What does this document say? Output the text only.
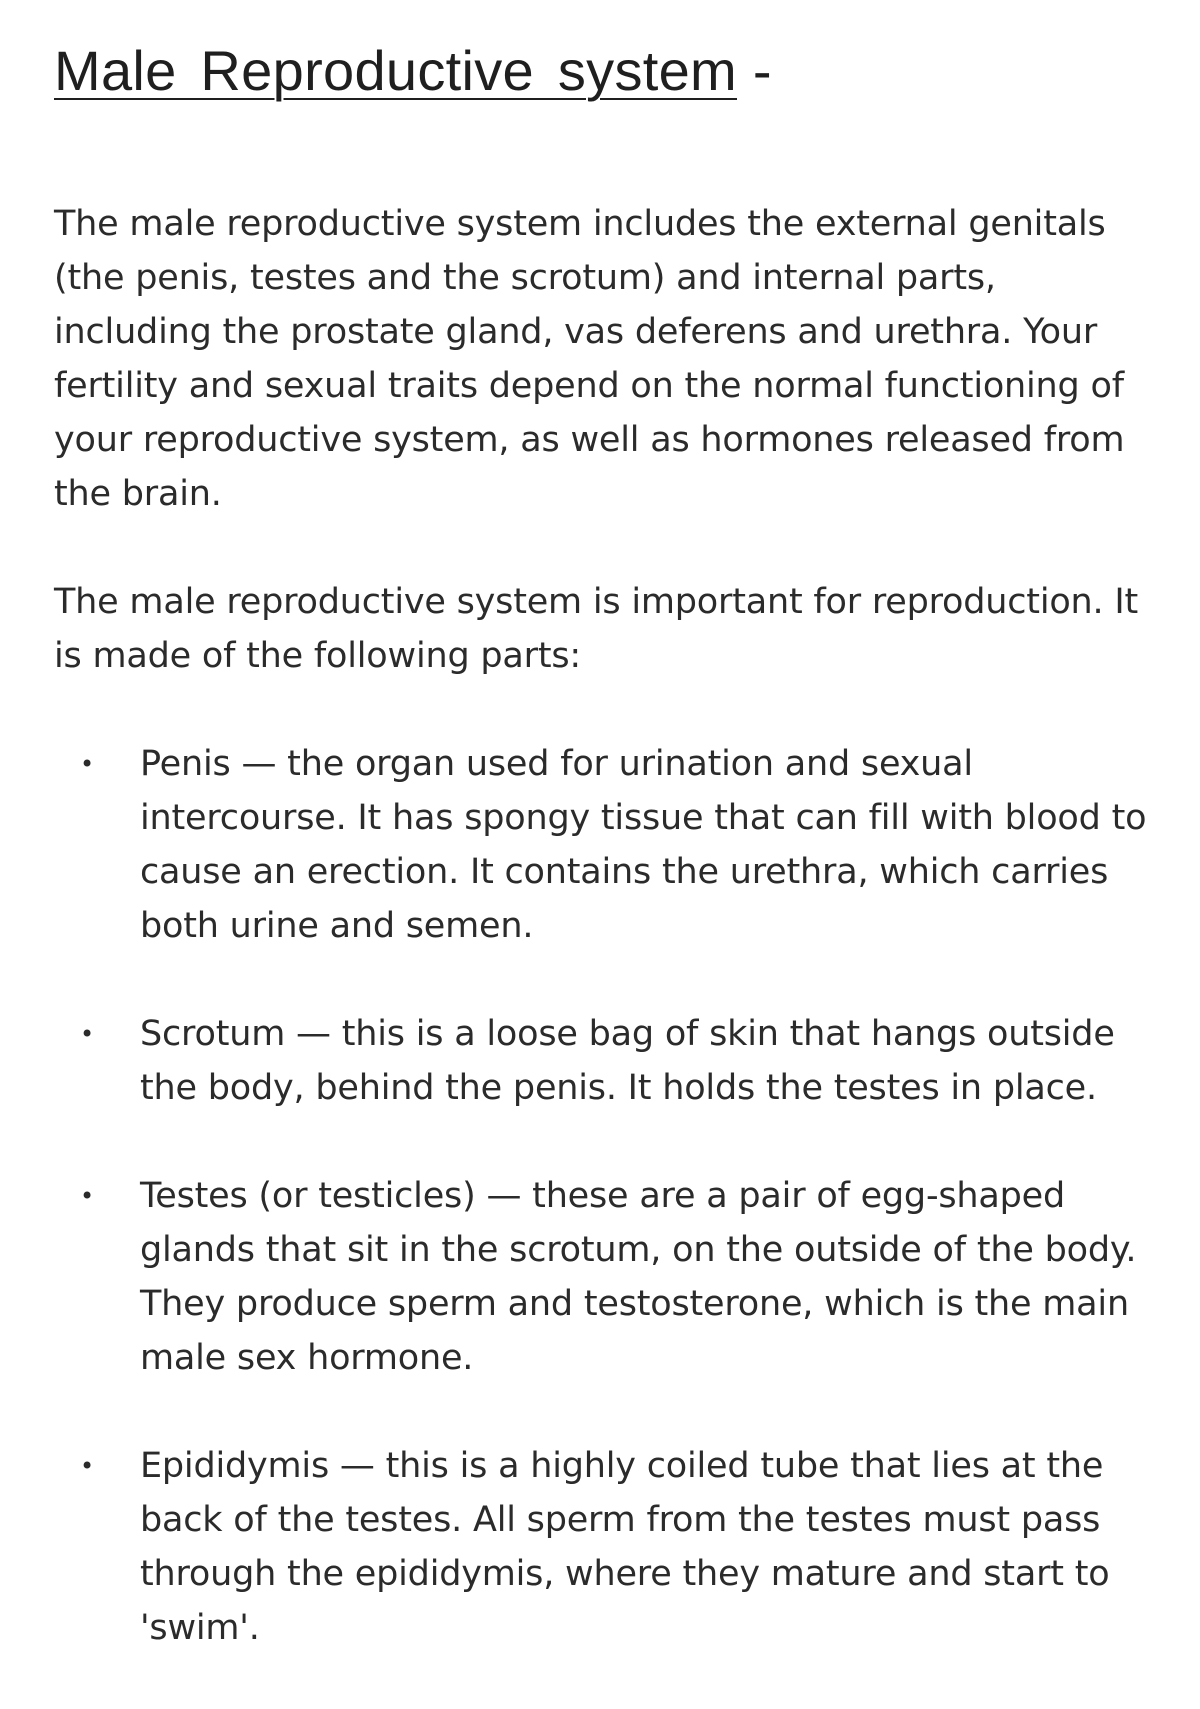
Male Reproductive system -

The male reproductive system includes the external genitals (the penis, testes and the scrotum) and internal parts, including the prostate gland, vas deferens and urethra. Your fertility and sexual traits depend on the normal functioning of your reproductive system, as well as hormones released from the brain.

The male reproductive system is important for reproduction. It is made of the following parts:

• Penis — the organ used for urination and sexual intercourse. It has spongy tissue that can fill with blood to cause an erection. It contains the urethra, which carries both urine and semen.
• Scrotum — this is a loose bag of skin that hangs outside the body, behind the penis. It holds the testes in place.
• Testes (or testicles) — these are a pair of egg-shaped glands that sit in the scrotum, on the outside of the body. They produce sperm and testosterone, which is the main male sex hormone.
• Epididymis — this is a highly coiled tube that lies at the back of the testes. All sperm from the testes must pass through the epididymis, where they mature and start to 'swim'.
